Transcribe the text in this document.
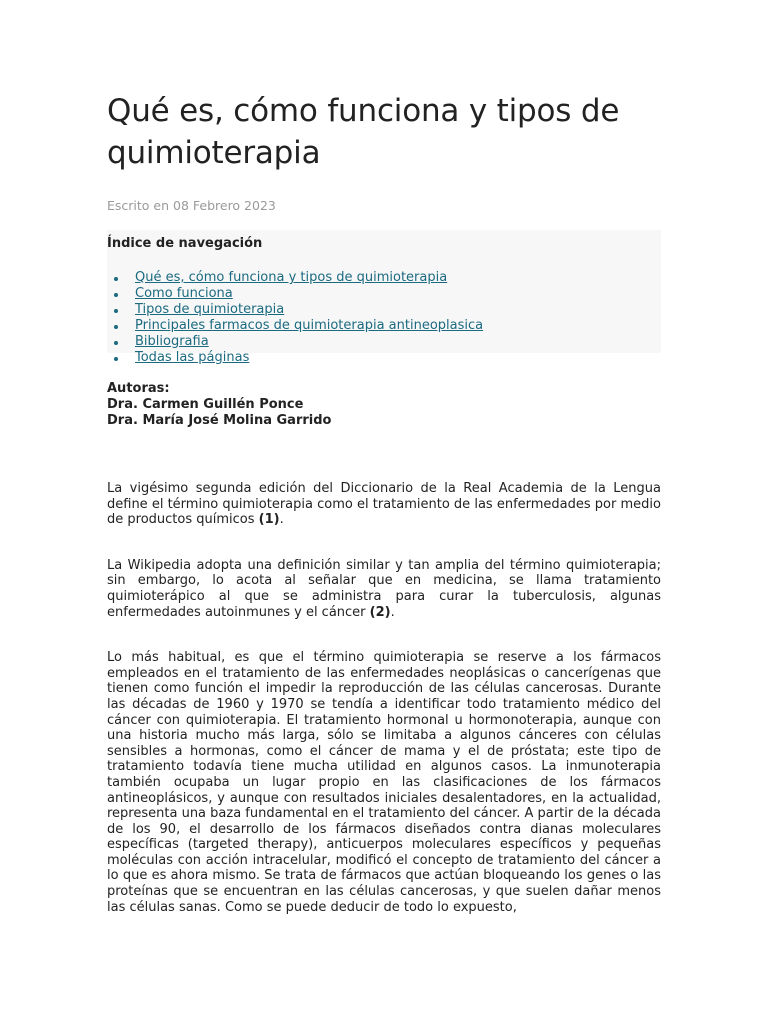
Qué es, cómo funciona y tipos de quimioterapia
Escrito en 08 Febrero 2023
Índice de navegación
Qué es, cómo funciona y tipos de quimioterapia
Como funciona
Tipos de quimioterapia
Principales farmacos de quimioterapia antineoplasica
Bibliografia
Todas las páginas
Autoras:
Dra. Carmen Guillén Ponce
Dra. María José Molina Garrido

La vigésimo segunda edición del Diccionario de la Real Academia de la Lengua define el término quimioterapia como el tratamiento de las enfermedades por medio de productos químicos (1).

La Wikipedia adopta una definición similar y tan amplia del término quimioterapia; sin embargo, lo acota al señalar que en medicina, se llama tratamiento quimioterápico al que se administra para curar la tuberculosis, algunas enfermedades autoinmunes y el cáncer (2).

Lo más habitual, es que el término quimioterapia se reserve a los fármacos empleados en el tratamiento de las enfermedades neoplásicas o cancerígenas que tienen como función el impedir la reproducción de las células cancerosas. Durante las décadas de 1960 y 1970 se tendía a identificar todo tratamiento médico del cáncer con quimioterapia. El tratamiento hormonal u hormonoterapia, aunque con una historia mucho más larga, sólo se limitaba a algunos cánceres con células sensibles a hormonas, como el cáncer de mama y el de próstata; este tipo de tratamiento todavía tiene mucha utilidad en algunos casos. La inmunoterapia también ocupaba un lugar propio en las clasificaciones de los fármacos antineoplásicos, y aunque con resultados iniciales desalentadores, en la actualidad, representa una baza fundamental en el tratamiento del cáncer. A partir de la década de los 90, el desarrollo de los fármacos diseñados contra dianas moleculares específicas (targeted therapy), anticuerpos moleculares específicos y pequeñas moléculas con acción intracelular, modificó el concepto de tratamiento del cáncer a lo que es ahora mismo. Se trata de fármacos que actúan bloqueando los genes o las proteínas que se encuentran en las células cancerosas, y que suelen dañar menos las células sanas. Como se puede deducir de todo lo expuesto,
